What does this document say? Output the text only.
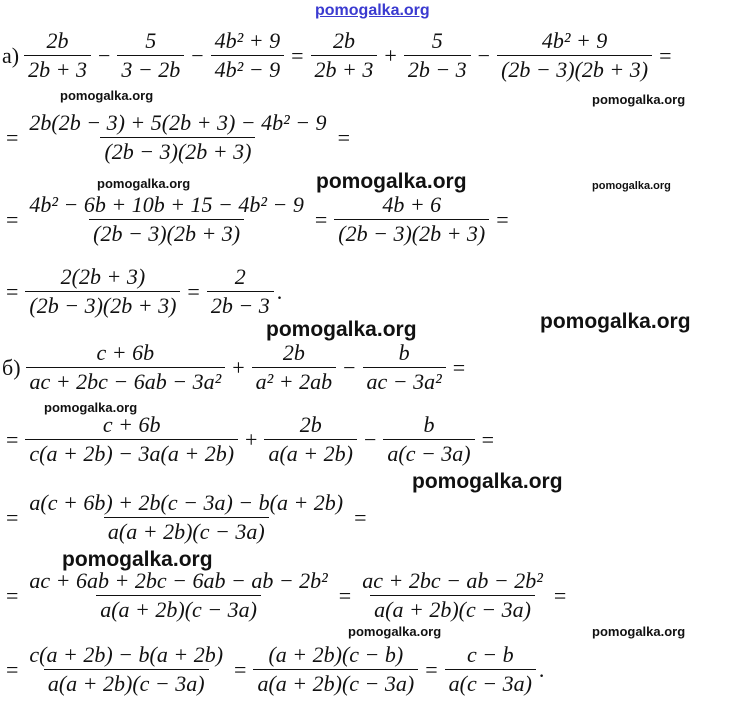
pomogalka.org
pomogalka.org	pomogalka.org
pomogalka.org	pomogalka.org	pomogalka.org
pomogalka.org	pomogalka.org
pomogalka.org
pomogalka.org
pomogalka.org
pomogalka.org	pomogalka.org
$а) \frac{2b}{2b + 3} - \frac{5}{3 - 2b} - \frac{\text{4b² + 9}}{\text{4b² − 9}} = \frac{2b}{2b + 3} + \frac{5}{2b - 3} - \frac{\text{4b² + 9}}{(2b - 3)(2b + 3)}$ =
= $\frac{\text{2b(2b − 3) + 5(2b + 3) − 4b² − 9}}{(2b - 3)(2b + 3)}$ =
= $\frac{\text{4b² − 6b + 10b + 15 − 4b² − 9}}{(2b - 3)(2b + 3)} = \frac{4b + 6}{(2b - 3)(2b + 3)}$ =
= $\frac{2(2b + 3)}{(2b - 3)(2b + 3)} = \frac{2}{2b - 3}$ .
$б) \frac{c + 6b}{\text{ac + 2bc − 6ab − 3a²}} + \frac{2b}{\text{a² + 2ab}} - \frac{b}{\text{ac − 3a²}}$ =
= $\frac{c + 6b}{c(a + 2b) - 3a(a + 2b)} + \frac{2b}{a(a + 2b)} - \frac{b}{a(c - 3a)}$ =
= $\frac{a(c + 6b) + 2b(c - 3a) - b(a + 2b)}{a(a + 2b)(c - 3a)}$ =
= $\frac{\text{ac + 6ab + 2bc − 6ab − ab − 2b²}}{a(a + 2b)(c - 3a)} = \frac{\text{ac + 2bc − ab − 2b²}}{a(a + 2b)(c - 3a)}$ =
= $\frac{c(a + 2b) - b(a + 2b)}{a(a + 2b)(c - 3a)} = \frac{(a + 2b)(c - b)}{a(a + 2b)(c - 3a)} = \frac{c - b}{a(c - 3a)}$ .
